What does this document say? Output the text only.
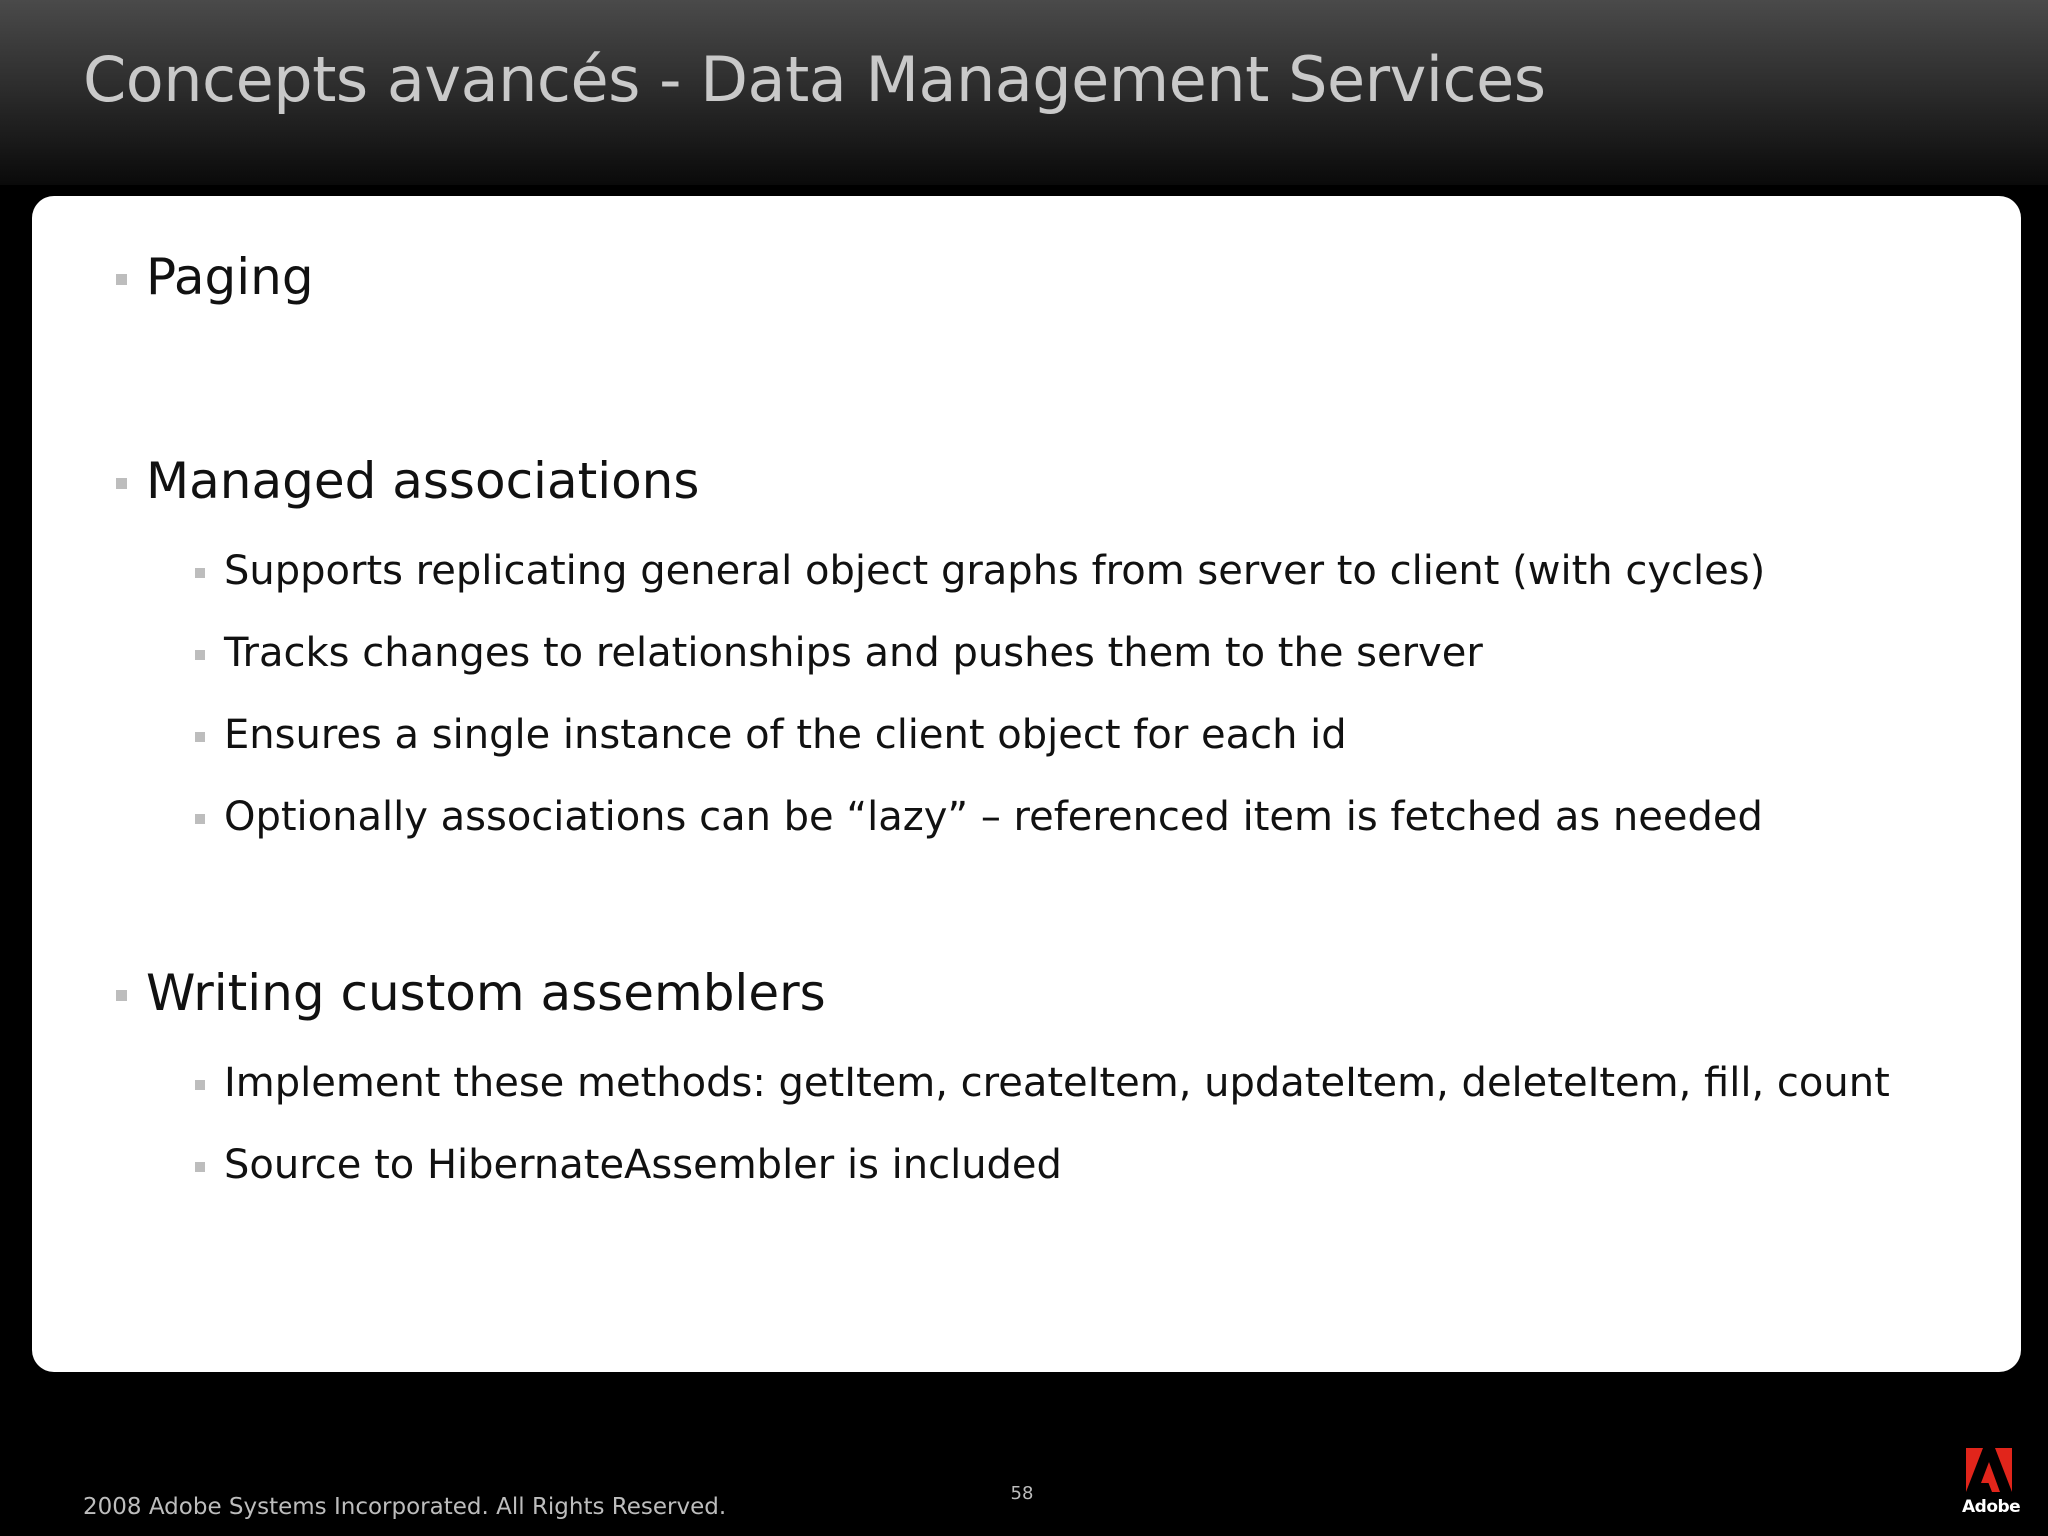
Concepts avancés - Data Management Services
Paging
Managed associations
Supports replicating general object graphs from server to client (with cycles)
Tracks changes to relationships and pushes them to the server
Ensures a single instance of the client object for each id
Optionally associations can be “lazy” – referenced item is fetched as needed
Writing custom assemblers
Implement these methods: getItem, createItem, updateItem, deleteItem, fill, count
Source to HibernateAssembler is included
2008 Adobe Systems Incorporated. All Rights Reserved.
58
Adobe
